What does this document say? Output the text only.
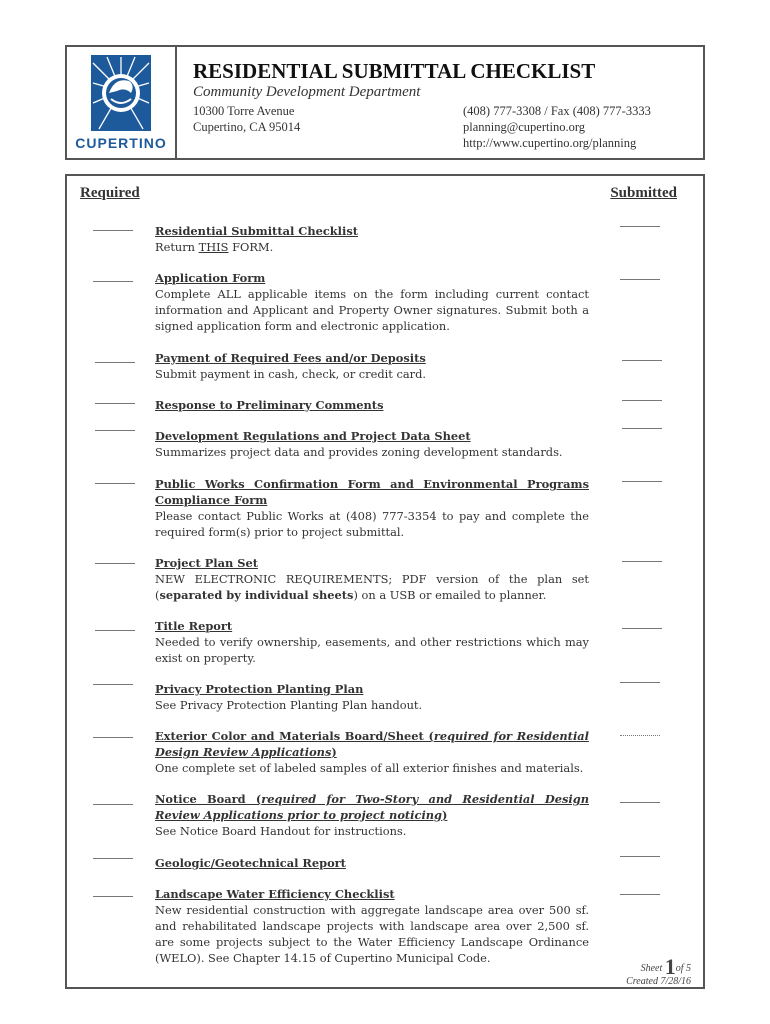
CUPERTINO
RESIDENTIAL SUBMITTAL CHECKLIST
Community Development Department
10300 Torre Avenue
Cupertino, CA 95014
(408) 777-3308 / Fax (408) 777-3333
planning@cupertino.org
http://www.cupertino.org/planning
Required	Submitted
Residential Submittal Checklist
Return THIS FORM.
Application Form
Complete ALL applicable items on the form including current contact information and Applicant and Property Owner signatures. Submit both a signed application form and electronic application.
Payment of Required Fees and/or Deposits
Submit payment in cash, check, or credit card.
Response to Preliminary Comments
Development Regulations and Project Data Sheet
Summarizes project data and provides zoning development standards.
Public Works Confirmation Form and Environmental Programs Compliance Form
Please contact Public Works at (408) 777-3354 to pay and complete the required form(s) prior to project submittal.
Project Plan Set
NEW ELECTRONIC REQUIREMENTS; PDF version of the plan set (separated by individual sheets) on a USB or emailed to planner.
Title Report
Needed to verify ownership, easements, and other restrictions which may exist on property.
Privacy Protection Planting Plan
See Privacy Protection Planting Plan handout.
Exterior Color and Materials Board/Sheet (required for Residential Design Review Applications)
One complete set of labeled samples of all exterior finishes and materials.
Notice Board (required for Two-Story and Residential Design Review Applications prior to project noticing)
See Notice Board Handout for instructions.
Geologic/Geotechnical Report
Landscape Water Efficiency Checklist
New residential construction with aggregate landscape area over 500 sf. and rehabilitated landscape projects with landscape area over 2,500 sf. are some projects subject to the Water Efficiency Landscape Ordinance (WELO). See Chapter 14.15 of Cupertino Municipal Code.
Sheet 1of 5
Created 7/28/16
